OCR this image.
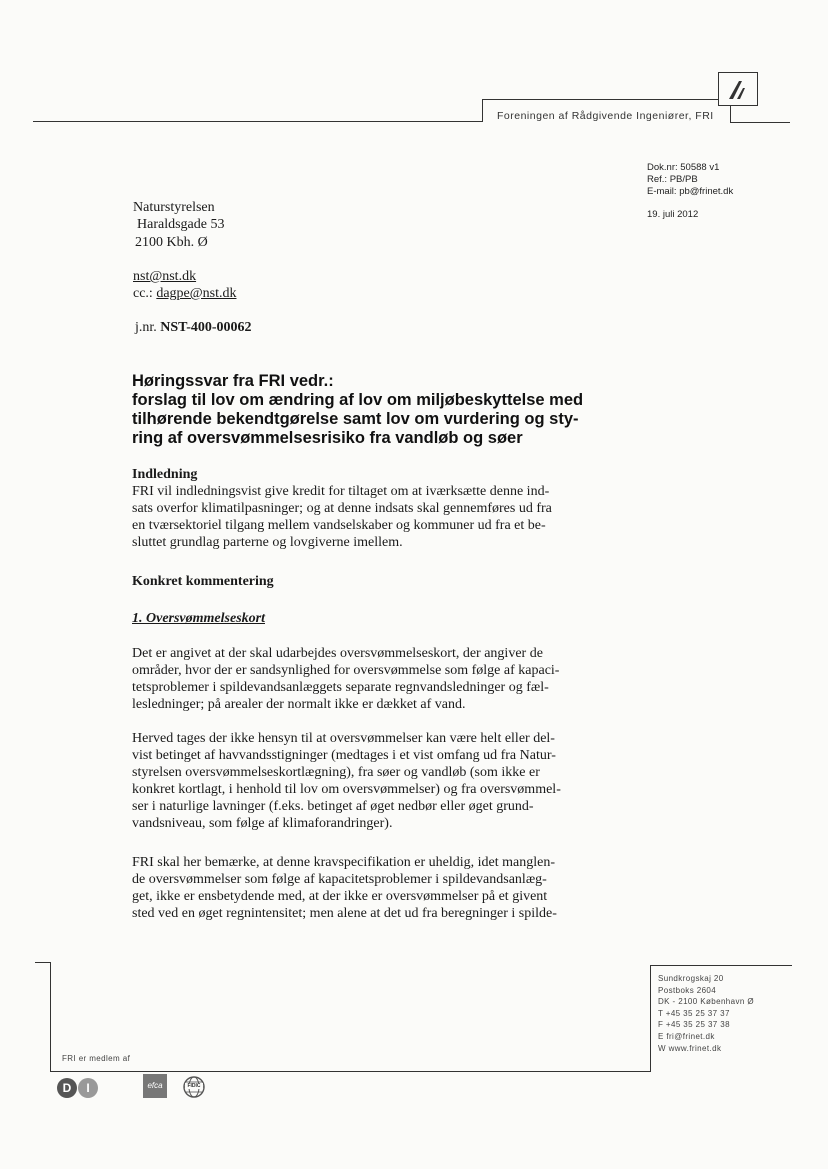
Foreningen af Rådgivende Ingeniører, FRI
Dok.nr: 50588 v1
Ref.: PB/PB
E-mail: pb@frinet.dk
19. juli 2012
Naturstyrelsen
Haraldsgade 53
2100 Kbh. Ø
nst@nst.dk
cc.: dagpe@nst.dk
j.nr. NST-400-00062
Høringssvar fra FRI vedr.:
forslag til lov om ændring af lov om miljøbeskyttelse med
tilhørende bekendtgørelse samt lov om vurdering og sty-
ring af oversvømmelsesrisiko fra vandløb og søer
Indledning
FRI vil indledningsvist give kredit for tiltaget om at iværksætte denne ind-
sats overfor klimatilpasninger; og at denne indsats skal gennemføres ud fra
en tværsektoriel tilgang mellem vandselskaber og kommuner ud fra et be-
sluttet grundlag parterne og lovgiverne imellem.
Konkret kommentering
1. Oversvømmelseskort
Det er angivet at der skal udarbejdes oversvømmelseskort, der angiver de
områder, hvor der er sandsynlighed for oversvømmelse som følge af kapaci-
tetsproblemer i spildevandsanlæggets separate regnvandsledninger og fæl-
lesledninger; på arealer der normalt ikke er dækket af vand.
Herved tages der ikke hensyn til at oversvømmelser kan være helt eller del-
vist betinget af havvandsstigninger (medtages i et vist omfang ud fra Natur-
styrelsen oversvømmelseskortlægning), fra søer og vandløb (som ikke er
konkret kortlagt, i henhold til lov om oversvømmelser) og fra oversvømmel-
ser i naturlige lavninger (f.eks. betinget af øget nedbør eller øget grund-
vandsniveau, som følge af klimaforandringer).
FRI skal her bemærke, at denne kravspecifikation er uheldig, idet manglen-
de oversvømmelser som følge af kapacitetsproblemer i spildevandsanlæg-
get, ikke er ensbetydende med, at der ikke er oversvømmelser på et givent
sted ved en øget regnintensitet; men alene at det ud fra beregninger i spilde-
FRI er medlem af
Sundkrogskaj 20
Postboks 2604
DK - 2100 København Ø
T +45 35 25 37 37
F +45 35 25 37 38
E fri@frinet.dk
W www.frinet.dk
D	I	efca	FIDIC
